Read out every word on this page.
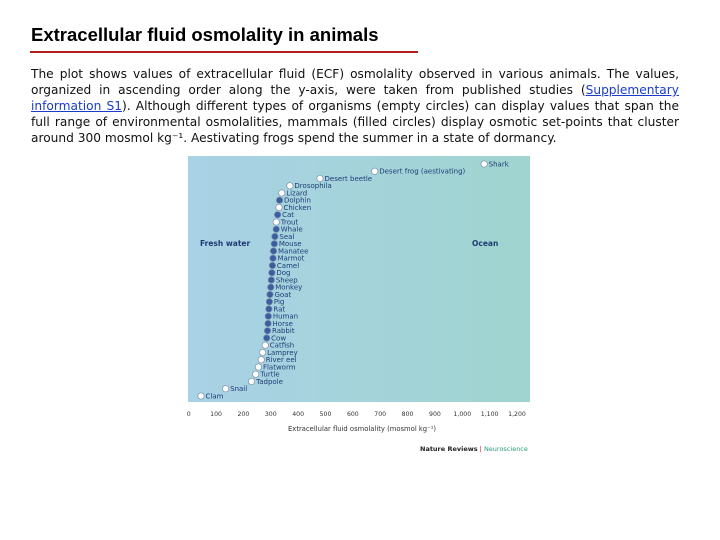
Extracellular fluid osmolality in animals
The plot shows values of extracellular fluid (ECF) osmolality observed in various animals. The values, organized in ascending order along the y-axis, were taken from published studies (Supplementary information S1). Although different types of organisms (empty circles) can display values that span the full range of environmental osmolalities, mammals (filled circles) display osmotic set-points that cluster around 300 mosmol kg⁻¹. Aestivating frogs spend the summer in a state of dormancy.
Clam
Snail
Tadpole
Turtle
Flatworm
River eel
Lamprey
Catfish
Cow
Rabbit
Horse
Human
Rat
Pig
Goat
Monkey
Sheep
Dog
Camel
Marmot
Manatee
Mouse
Seal
Whale
Trout
Cat
Chicken
Dolphin
Lizard
Drosophila
Desert beetle
Desert frog (aestivating)
Shark
Fresh water	Ocean
0	100	200	300	400	500	600	700	800	900 1,000 1,100 1,200
Extracellular fluid osmolality (mosmol kg⁻¹)
Nature Reviews | Neuroscience
